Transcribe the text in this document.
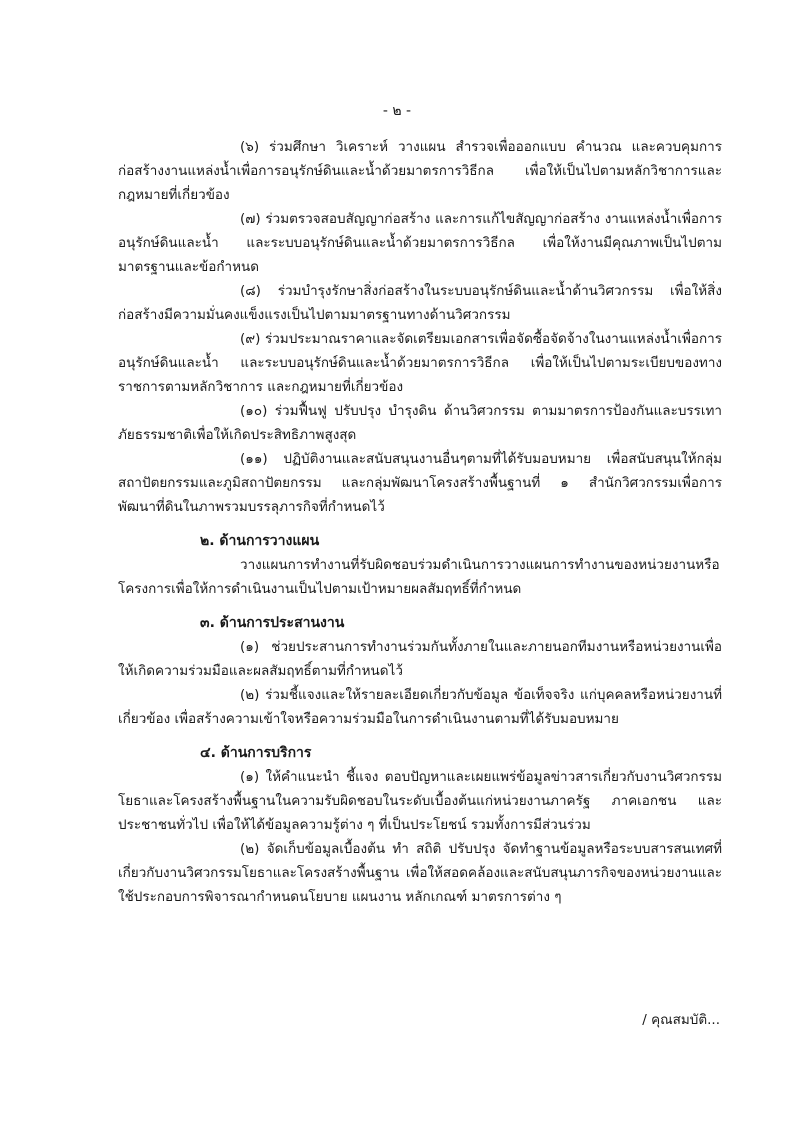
- ๒ -

(๖) ร่วมศึกษา วิเคราะห์ วางแผน สำรวจเพื่อออกแบบ คำนวณ และควบคุมการก่อสร้างงานแหล่งน้ำเพื่อการอนุรักษ์ดินและน้ำด้วยมาตรการวิธีกล เพื่อให้เป็นไปตามหลักวิชาการและกฎหมายที่เกี่ยวข้อง

(๗) ร่วมตรวจสอบสัญญาก่อสร้าง และการแก้ไขสัญญาก่อสร้าง งานแหล่งน้ำเพื่อการอนุรักษ์ดินและน้ำ และระบบอนุรักษ์ดินและน้ำด้วยมาตรการวิธีกล เพื่อให้งานมีคุณภาพเป็นไปตามมาตรฐานและข้อกำหนด

(๘) ร่วมบำรุงรักษาสิ่งก่อสร้างในระบบอนุรักษ์ดินและน้ำด้านวิศวกรรม เพื่อให้สิ่งก่อสร้างมีความมั่นคงแข็งแรงเป็นไปตามมาตรฐานทางด้านวิศวกรรม

(๙) ร่วมประมาณราคาและจัดเตรียมเอกสารเพื่อจัดซื้อจัดจ้างในงานแหล่งน้ำเพื่อการอนุรักษ์ดินและน้ำ และระบบอนุรักษ์ดินและน้ำด้วยมาตรการวิธีกล เพื่อให้เป็นไปตามระเบียบของทางราชการตามหลักวิชาการ และกฎหมายที่เกี่ยวข้อง

(๑๐) ร่วมฟื้นฟู ปรับปรุง บำรุงดิน ด้านวิศวกรรม ตามมาตรการป้องกันและบรรเทาภัยธรรมชาติเพื่อให้เกิดประสิทธิภาพสูงสุด

(๑๑) ปฏิบัติงานและสนับสนุนงานอื่นๆตามที่ได้รับมอบหมาย เพื่อสนับสนุนให้กลุ่มสถาปัตยกรรมและภูมิสถาปัตยกรรม และกลุ่มพัฒนาโครงสร้างพื้นฐานที่ ๑ สำนักวิศวกรรมเพื่อการพัฒนาที่ดินในภาพรวมบรรลุภารกิจที่กำหนดไว้

๒. ด้านการวางแผน

วางแผนการทำงานที่รับผิดชอบร่วมดำเนินการวางแผนการทำงานของหน่วยงานหรือโครงการเพื่อให้การดำเนินงานเป็นไปตามเป้าหมายผลสัมฤทธิ์ที่กำหนด

๓. ด้านการประสานงาน

(๑) ช่วยประสานการทำงานร่วมกันทั้งภายในและภายนอกทีมงานหรือหน่วยงานเพื่อให้เกิดความร่วมมือและผลสัมฤทธิ์ตามที่กำหนดไว้

(๒) ร่วมชี้แจงและให้รายละเอียดเกี่ยวกับข้อมูล ข้อเท็จจริง แก่บุคคลหรือหน่วยงานที่เกี่ยวข้อง เพื่อสร้างความเข้าใจหรือความร่วมมือในการดำเนินงานตามที่ได้รับมอบหมาย

๔. ด้านการบริการ

(๑) ให้คำแนะนำ ชี้แจง ตอบปัญหาและเผยแพร่ข้อมูลข่าวสารเกี่ยวกับงานวิศวกรรมโยธาและโครงสร้างพื้นฐานในความรับผิดชอบในระดับเบื้องต้นแก่หน่วยงานภาครัฐ ภาคเอกชน และประชาชนทั่วไป เพื่อให้ได้ข้อมูลความรู้ต่าง ๆ ที่เป็นประโยชน์ รวมทั้งการมีส่วนร่วม

(๒) จัดเก็บข้อมูลเบื้องต้น ทำ สถิติ ปรับปรุง จัดทำฐานข้อมูลหรือระบบสารสนเทศที่เกี่ยวกับงานวิศวกรรมโยธาและโครงสร้างพื้นฐาน เพื่อให้สอดคล้องและสนับสนุนภารกิจของหน่วยงานและใช้ประกอบการพิจารณากำหนดนโยบาย แผนงาน หลักเกณฑ์ มาตรการต่าง ๆ

/ คุณสมบัติ...
